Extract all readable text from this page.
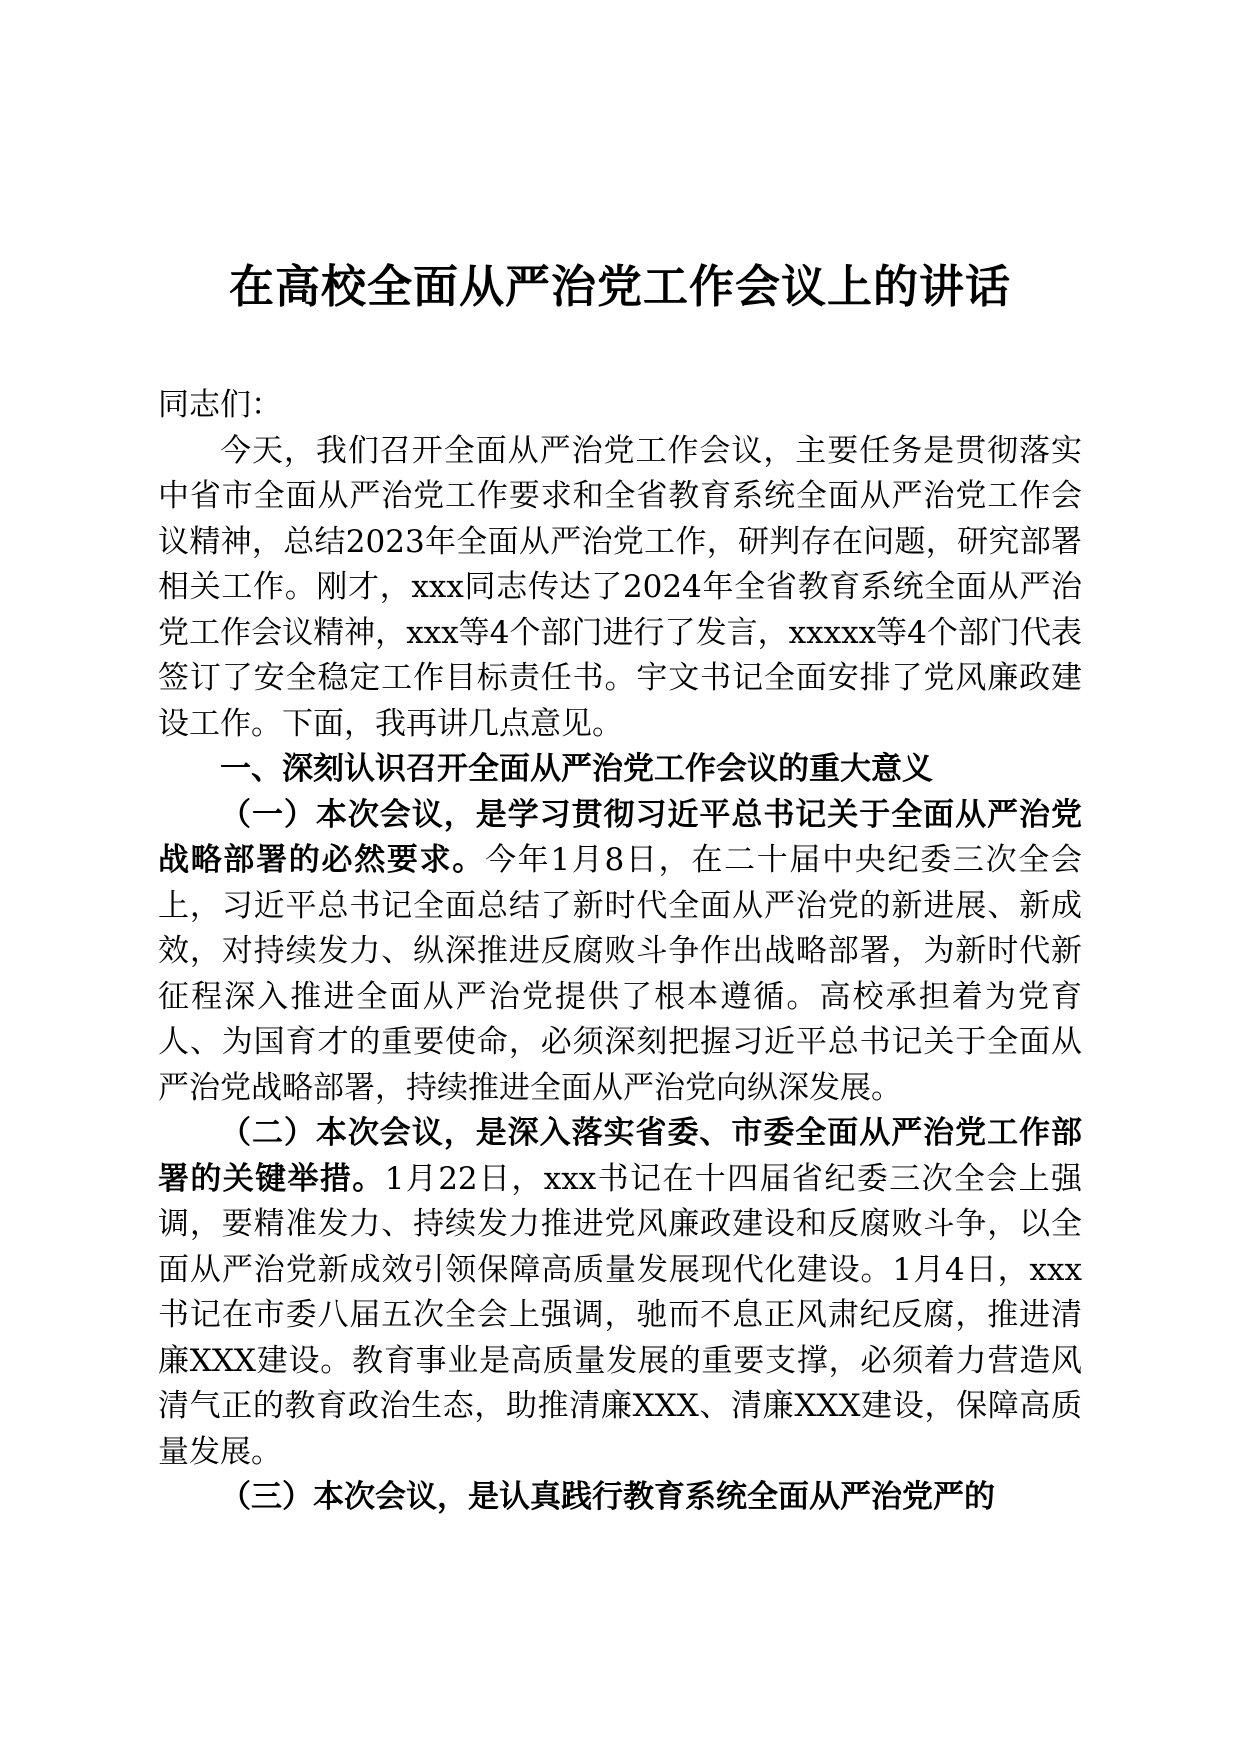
在高校全面从严治党工作会议上的讲话

同志们：

今天，我们召开全面从严治党工作会议，主要任务是贯彻落实中省市全面从严治党工作要求和全省教育系统全面从严治党工作会议精神，总结2023年全面从严治党工作，研判存在问题，研究部署相关工作。刚才，xxx同志传达了2024年全省教育系统全面从严治党工作会议精神，xxx等4个部门进行了发言，xxxxx等4个部门代表签订了安全稳定工作目标责任书。宇文书记全面安排了党风廉政建设工作。下面，我再讲几点意见。

一、深刻认识召开全面从严治党工作会议的重大意义

（一）本次会议，是学习贯彻习近平总书记关于全面从严治党战略部署的必然要求。今年1月8日，在二十届中央纪委三次全会上，习近平总书记全面总结了新时代全面从严治党的新进展、新成效，对持续发力、纵深推进反腐败斗争作出战略部署，为新时代新征程深入推进全面从严治党提供了根本遵循。高校承担着为党育人、为国育才的重要使命，必须深刻把握习近平总书记关于全面从严治党战略部署，持续推进全面从严治党向纵深发展。

（二）本次会议，是深入落实省委、市委全面从严治党工作部署的关键举措。1月22日，xxx书记在十四届省纪委三次全会上强调，要精准发力、持续发力推进党风廉政建设和反腐败斗争，以全面从严治党新成效引领保障高质量发展现代化建设。1月4日，xxx书记在市委八届五次全会上强调，驰而不息正风肃纪反腐，推进清廉XXX建设。教育事业是高质量发展的重要支撑，必须着力营造风清气正的教育政治生态，助推清廉XXX、清廉XXX建设，保障高质量发展。

（三）本次会议，是认真践行教育系统全面从严治党严的
